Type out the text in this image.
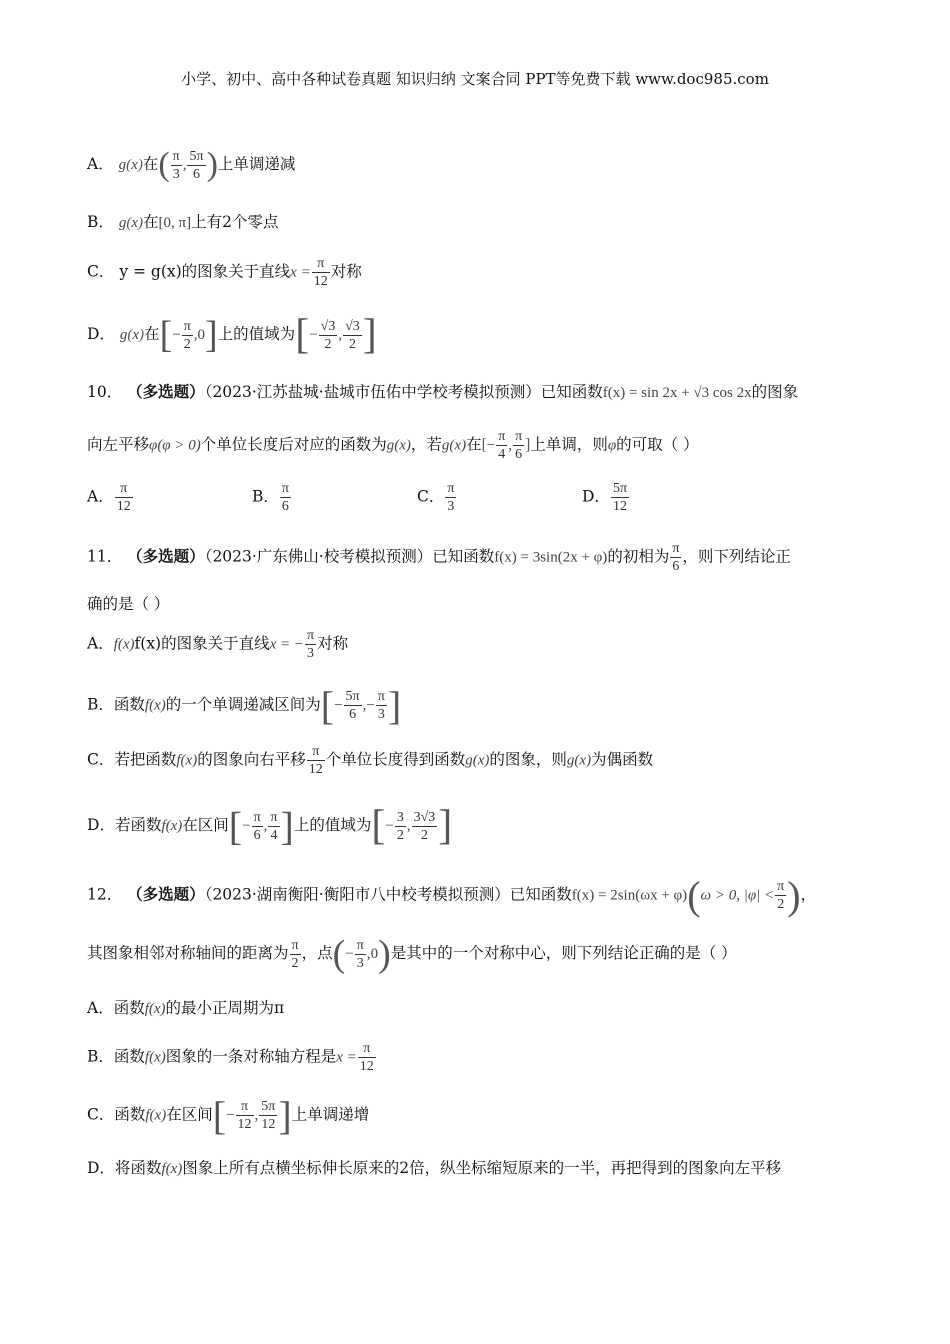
小学、初中、高中各种试卷真题 知识归纳 文案合同 PPT等免费下载 www.doc985.com
A． g(x)在( $\frac{\pi}{3}$ , $\frac{5\pi}{6}$ )上单调递减
B． g(x)在[0, π]上有2个零点
C． y = g(x)的图象关于直线$x = \frac{\pi}{12}$ 对称
D． g(x)在[− $\frac{\pi}{2} ,0$]上的值域为[− $\frac{√3}{2}$ , $\frac{√3}{2}$ ]
10． （多选题）（2023·江苏盐城·盐城市伍佑中学校考模拟预测）已知函数f(x) = sin 2x + √3 cos 2x的图象
向左平移φ(φ > 0)个单位长度后对应的函数为g(x)，若g(x)在[− $\frac{\pi}{4}$ , $\frac{\pi}{6}$ ]上单调，则φ的可取（ ）
A． $\frac{\pi}{12}$	B． $\frac{\pi}{6}$	C． $\frac{\pi}{3}$	D． $\frac{5\pi}{12}$
11． （多选题）（2023·广东佛山·校考模拟预测）已知函数f(x) = 3sin(2x + φ)的初相为 $\frac{\pi}{6}$ ，则下列结论正
确的是（ ）
A．f(x)f(x)的图象关于直线x = − $\frac{\pi}{3}$ 对称
B．函数f(x)的一个单调递减区间为[− $\frac{5\pi}{6}$ ,− $\frac{\pi}{3}$ ]
C．若把函数f(x)的图象向右平移 $\frac{\pi}{12}$ 个单位长度得到函数g(x)的图象，则g(x)为偶函数
D．若函数f(x)在区间[− $\frac{\pi}{6}$ , $\frac{\pi}{4}$ ]上的值域为[− $\frac{3}{2}$ , $\frac{3√3}{2}$ ]
12． （多选题）（2023·湖南衡阳·衡阳市八中校考模拟预测）已知函数f(x) = 2sin(ωx + φ)(ω > 0, $|\varphi| < \frac{\pi}{2}$ )，
其图象相邻对称轴间的距离为 $\frac{\pi}{2}$ ，点(− $\frac{\pi}{3} ,0$)是其中的一个对称中心，则下列结论正确的是（ ）
A．函数f(x)的最小正周期为π
B．函数f(x)图象的一条对称轴方程是$x = \frac{\pi}{12}$
C．函数f(x)在区间[− $\frac{\pi}{12}$ , $\frac{5\pi}{12}$ ]上单调递增
D．将函数f(x)图象上所有点横坐标伸长原来的2倍，纵坐标缩短原来的一半，再把得到的图象向左平移
